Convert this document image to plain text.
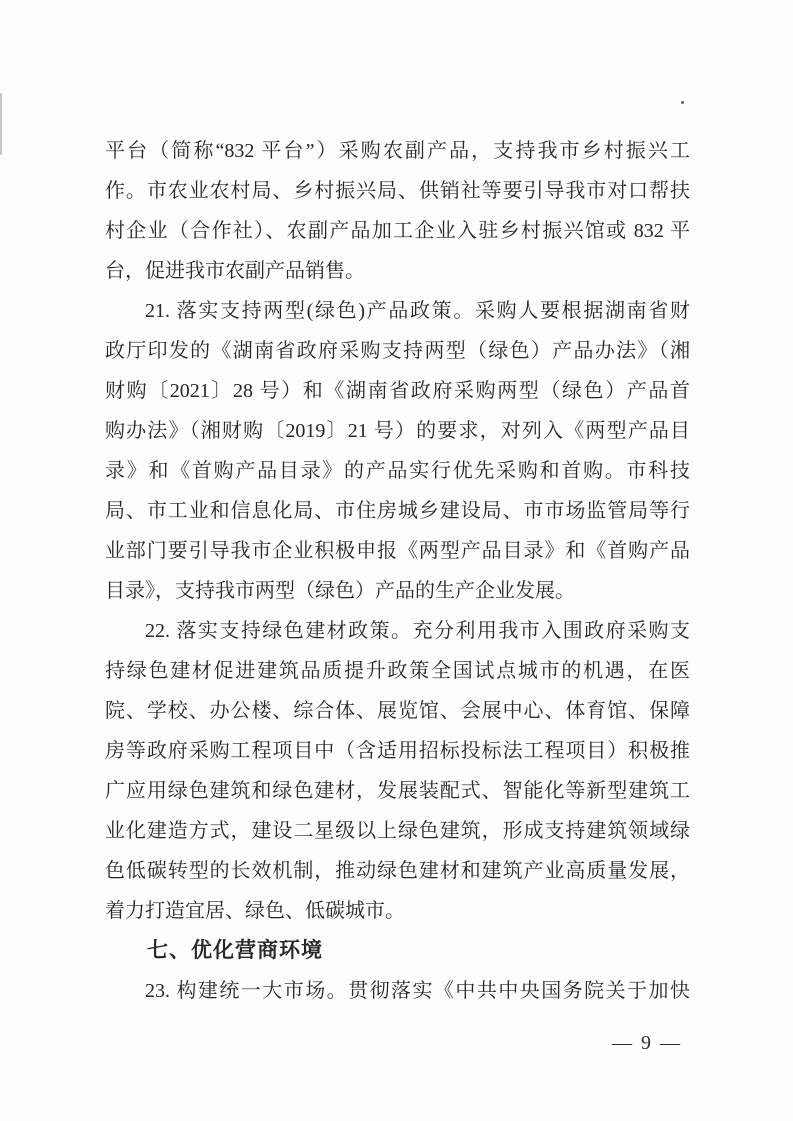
平台（简称“832 平台”）采购农副产品，支持我市乡村振兴工
作。市农业农村局、乡村振兴局、供销社等要引导我市对口帮扶
村企业（合作社）、农副产品加工企业入驻乡村振兴馆或 832 平
台，促进我市农副产品销售。
21. 落实支持两型(绿色)产品政策。采购人要根据湖南省财
政厅印发的《湖南省政府采购支持两型（绿色）产品办法》（湘
财购〔2021〕28 号）和《湖南省政府采购两型（绿色）产品首
购办法》（湘财购〔2019〕21 号）的要求，对列入《两型产品目
录》和《首购产品目录》的产品实行优先采购和首购。市科技
局、市工业和信息化局、市住房城乡建设局、市市场监管局等行
业部门要引导我市企业积极申报《两型产品目录》和《首购产品
目录》，支持我市两型（绿色）产品的生产企业发展。
22. 落实支持绿色建材政策。充分利用我市入围政府采购支
持绿色建材促进建筑品质提升政策全国试点城市的机遇，在医
院、学校、办公楼、综合体、展览馆、会展中心、体育馆、保障
房等政府采购工程项目中（含适用招标投标法工程项目）积极推
广应用绿色建筑和绿色建材，发展装配式、智能化等新型建筑工
业化建造方式，建设二星级以上绿色建筑，形成支持建筑领域绿
色低碳转型的长效机制，推动绿色建材和建筑产业高质量发展，
着力打造宜居、绿色、低碳城市。
七、优化营商环境
23. 构建统一大市场。贯彻落实《中共中央国务院关于加快
— 9 —
